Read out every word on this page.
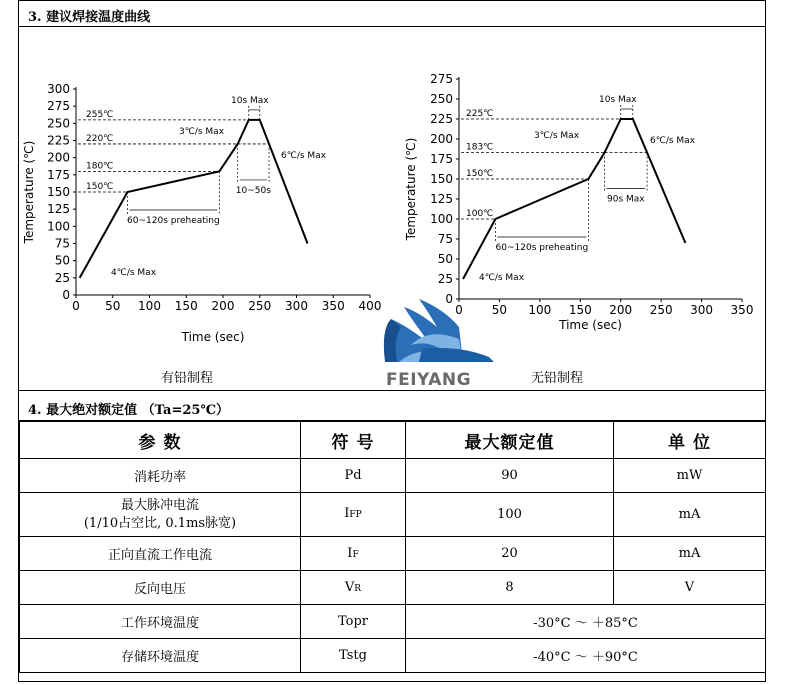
3. 建议焊接温度曲线
0
25
50
75
100
125
150
175
200
225
250
275
300
0 50 100 150 200 250 300 350 400
Temperature (℃)
Time (sec)
255℃
220℃
180℃
150℃	10~50s
60~120s preheating
10s Max
3℃/s Max
6℃/s Max
4℃/s Max
0
25
50
75
100
125
150
175
200
225
250
275
0 50 100 150 200 250 300 350
Temperature (℃)
Time (sec)
225℃
183℃
150℃
100℃
90s Max
60~120s preheating
10s Max
3℃/s Max	6℃/s Max
4℃/s Max
FEIYANG
有铅制程	无铅制程
4. 最大绝对额定值 （Ta=25℃）
参 数	符 号	最大额定值	单 位
消耗功率	Pd	90	mW

最大脉冲电流
(1/10占空比, 0.1ms脉宽)	IFP	100	mA
正向直流工作电流	IF	20	mA
反向电压	VR	8	V
工作环境温度	Topr	-30°C ～ ＋85°C	
存储环境温度	Tstg	-40°C ～ ＋90°C	
